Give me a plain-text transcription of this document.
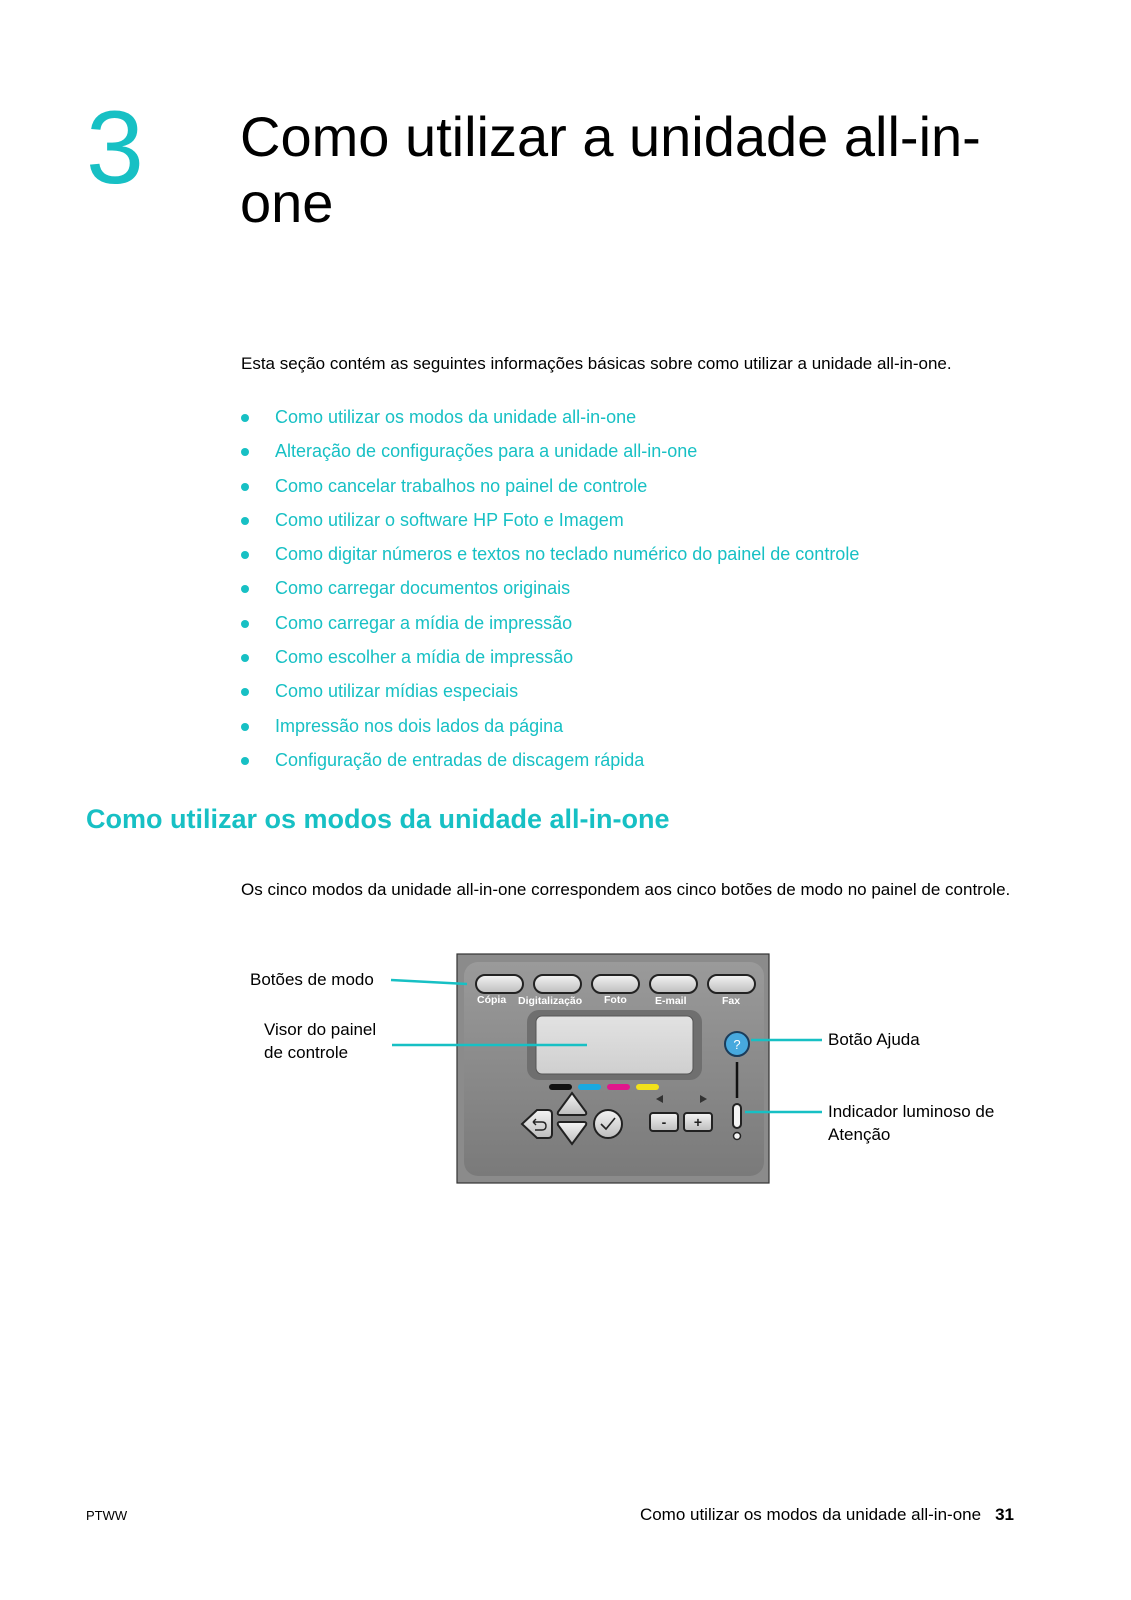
3 Como utilizar a unidade all-in-one

Esta seção contém as seguintes informações básicas sobre como utilizar a unidade all-in-one.

Como utilizar os modos da unidade all-in-one
Alteração de configurações para a unidade all-in-one
Como cancelar trabalhos no painel de controle
Como utilizar o software HP Foto e Imagem
Como digitar números e textos no teclado numérico do painel de controle
Como carregar documentos originais
Como carregar a mídia de impressão
Como escolher a mídia de impressão
Como utilizar mídias especiais
Impressão nos dois lados da página
Configuração de entradas de discagem rápida
Como utilizar os modos da unidade all-in-one

Os cinco modos da unidade all-in-one correspondem aos cinco botões de modo no painel de controle.

Botões de modo
Visor do painel
de controle
Botão Ajuda
Indicador luminoso de
Atenção
Cópia Digitalização Foto	E-mail	Fax
- +
?
PTWW	Como utilizar os modos da unidade all-in-one 31
